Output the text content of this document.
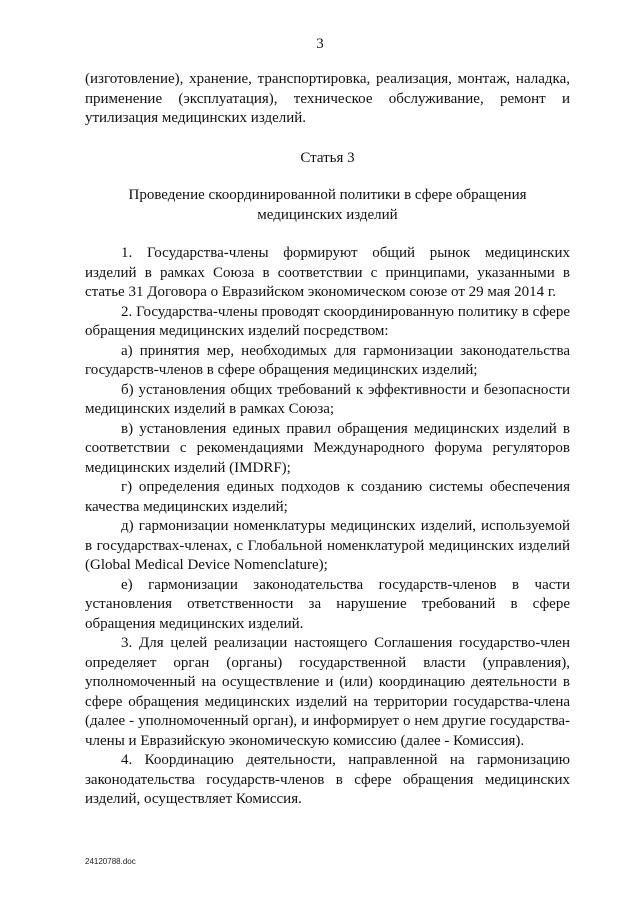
3

(изготовление), хранение, транспортировка, реализация, монтаж, наладка, применение (эксплуатация), техническое обслуживание, ремонт и утилизация медицинских изделий.

Статья 3

Проведение скоординированной политики в сфере обращения медицинских изделий

1. Государства-члены формируют общий рынок медицинских изделий в рамках Союза в соответствии с принципами, указанными в статье 31 Договора о Евразийском экономическом союзе от 29 мая 2014 г.

2. Государства-члены проводят скоординированную политику в сфере обращения медицинских изделий посредством:

а) принятия мер, необходимых для гармонизации законодательства государств-членов в сфере обращения медицинских изделий;

б) установления общих требований к эффективности и безопасности медицинских изделий в рамках Союза;

в) установления единых правил обращения медицинских изделий в соответствии с рекомендациями Международного форума регуляторов медицинских изделий (IMDRF);

г) определения единых подходов к созданию системы обеспечения качества медицинских изделий;

д) гармонизации номенклатуры медицинских изделий, используемой в государствах-членах, с Глобальной номенклатурой медицинских изделий (Global Medical Device Nomenclature);

е) гармонизации законодательства государств-членов в части установления ответственности за нарушение требований в сфере обращения медицинских изделий.

3. Для целей реализации настоящего Соглашения государство-член определяет орган (органы) государственной власти (управления), уполномоченный на осуществление и (или) координацию деятельности в сфере обращения медицинских изделий на территории государства-члена (далее - уполномоченный орган), и информирует о нем другие государства-члены и Евразийскую экономическую комиссию (далее - Комиссия).

4. Координацию деятельности, направленной на гармонизацию законодательства государств-членов в сфере обращения медицинских изделий, осуществляет Комиссия.

24120788.doc
